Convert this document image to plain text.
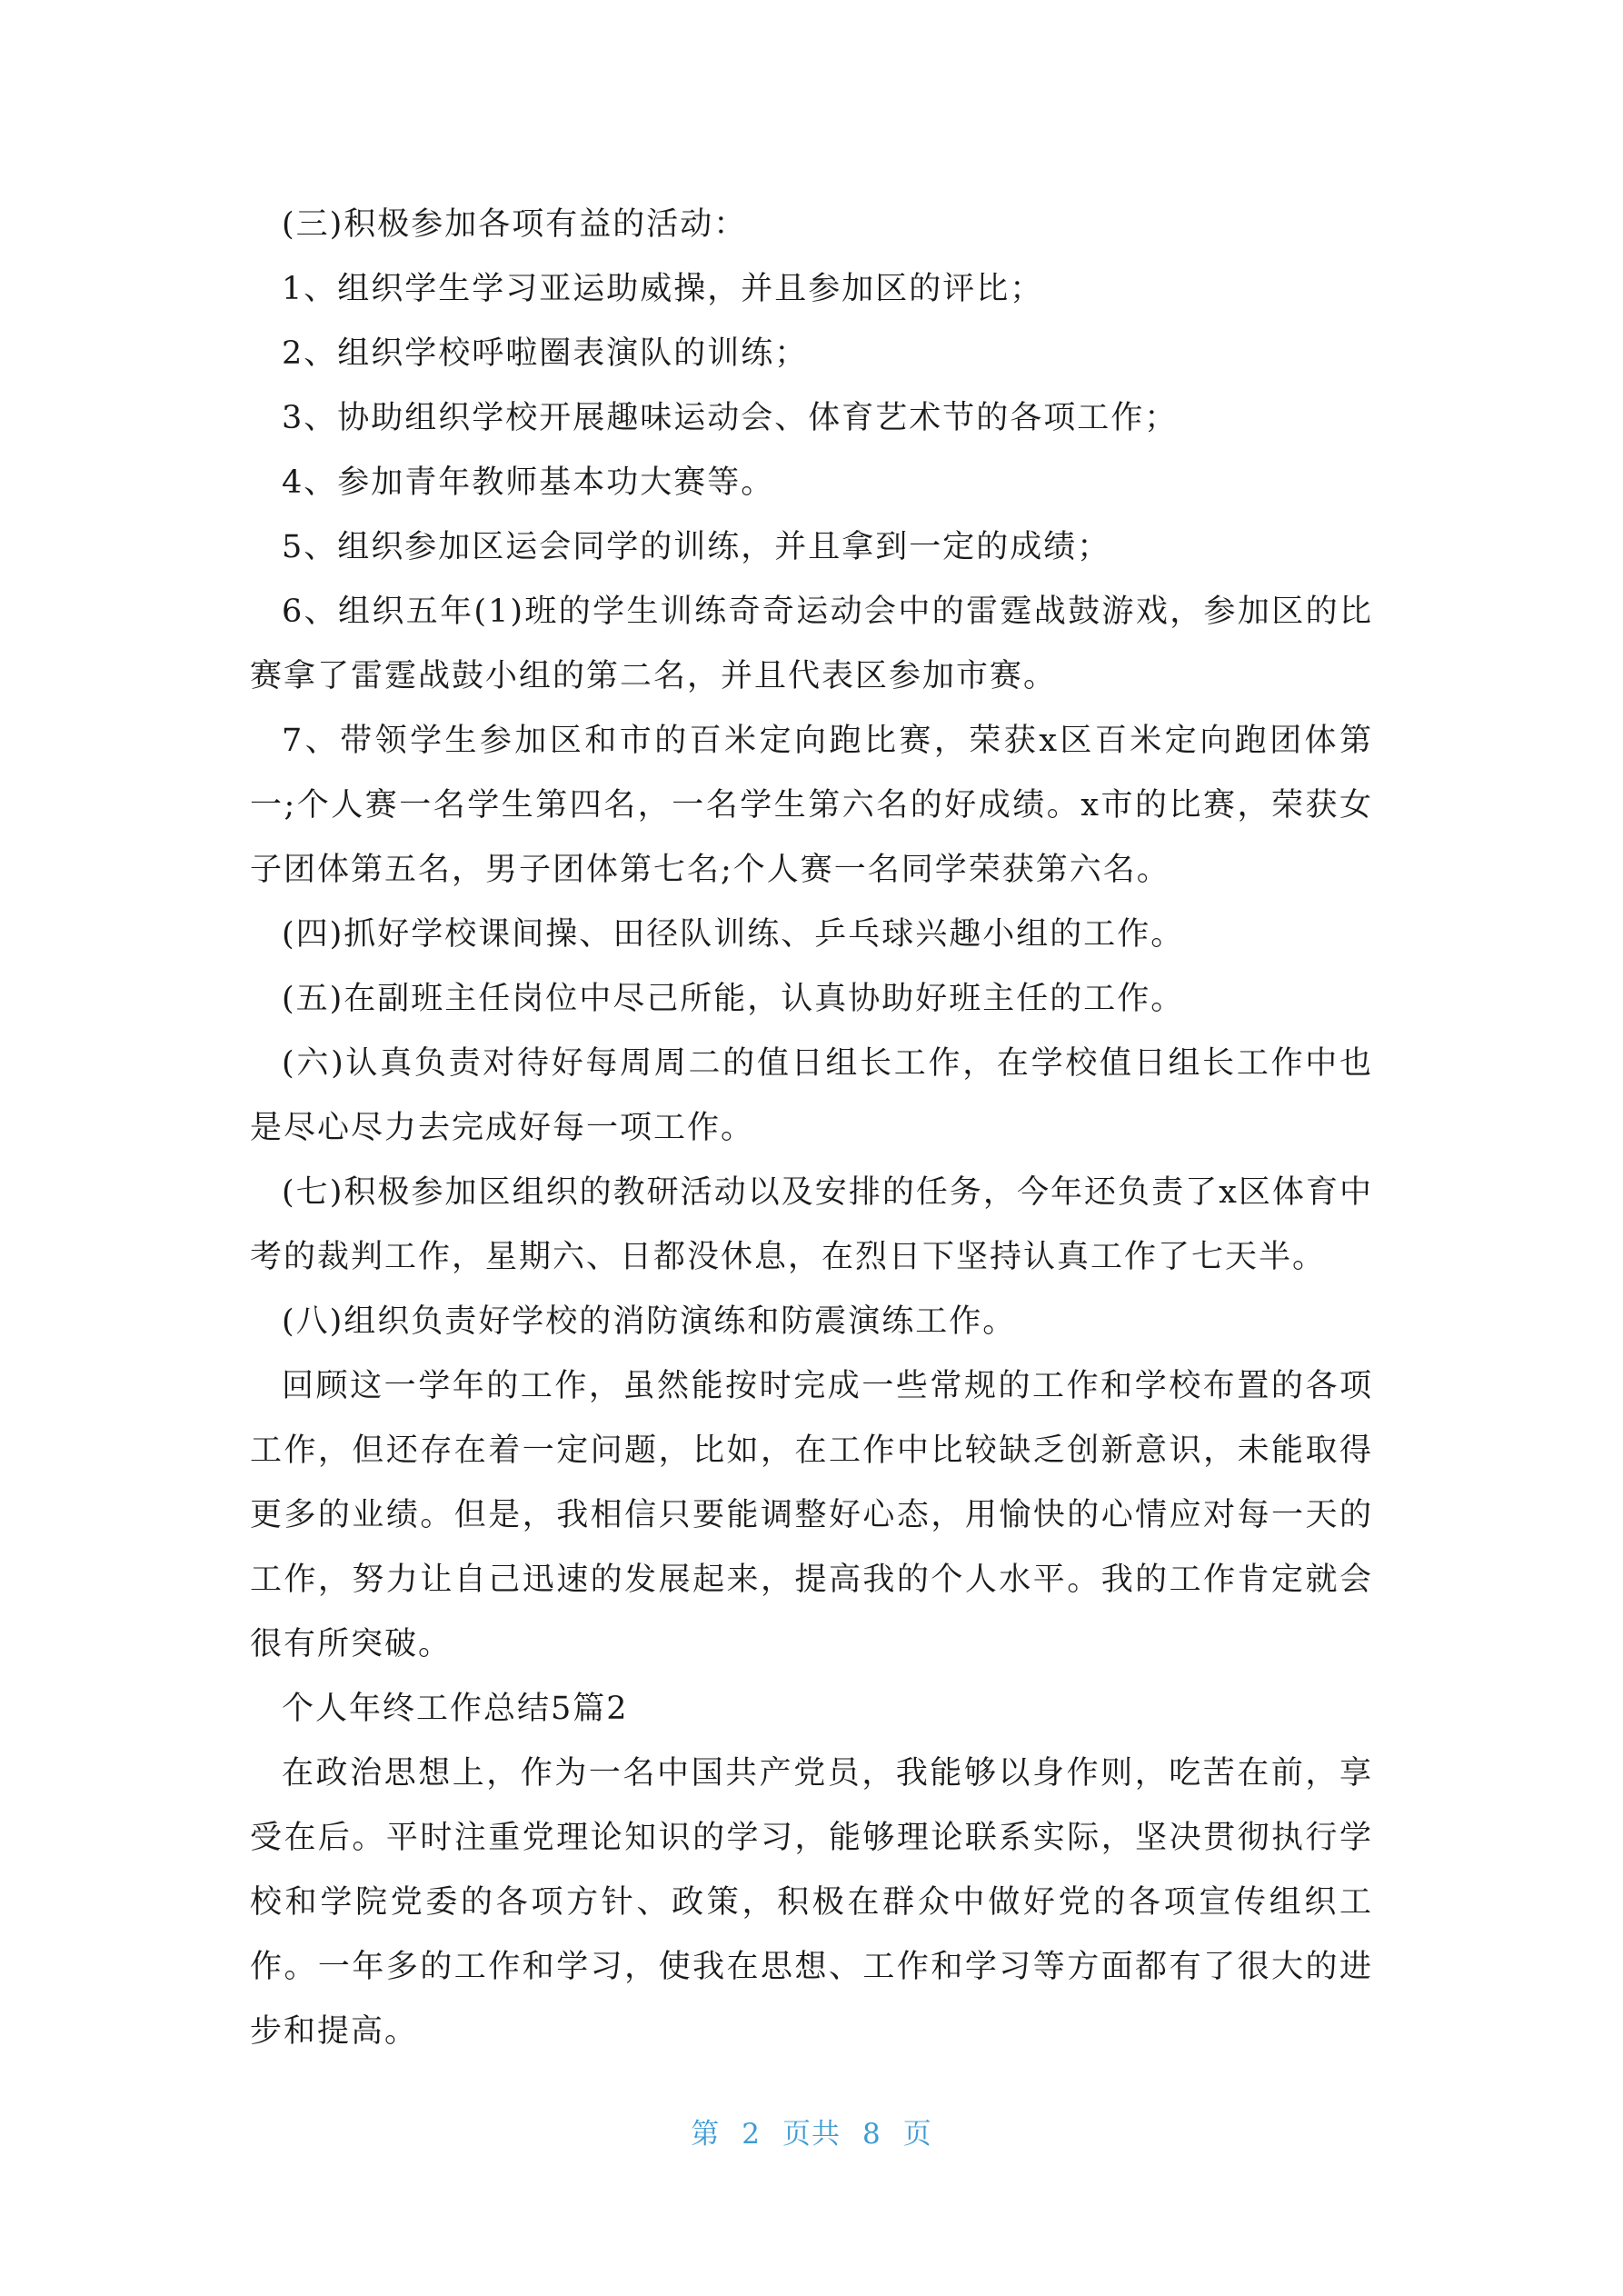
(三)积极参加各项有益的活动：

1、组织学生学习亚运助威操，并且参加区的评比；

2、组织学校呼啦圈表演队的训练；

3、协助组织学校开展趣味运动会、体育艺术节的各项工作；

4、参加青年教师基本功大赛等。

5、组织参加区运会同学的训练，并且拿到一定的成绩；

6、组织五年(1)班的学生训练奇奇运动会中的雷霆战鼓游戏，参加区的比赛拿了雷霆战鼓小组的第二名，并且代表区参加市赛。

7、带领学生参加区和市的百米定向跑比赛，荣获x区百米定向跑团体第一;个人赛一名学生第四名，一名学生第六名的好成绩。x市的比赛，荣获女子团体第五名，男子团体第七名;个人赛一名同学荣获第六名。

(四)抓好学校课间操、田径队训练、乒乓球兴趣小组的工作。

(五)在副班主任岗位中尽己所能，认真协助好班主任的工作。

(六)认真负责对待好每周周二的值日组长工作，在学校值日组长工作中也是尽心尽力去完成好每一项工作。

(七)积极参加区组织的教研活动以及安排的任务，今年还负责了x区体育中考的裁判工作，星期六、日都没休息，在烈日下坚持认真工作了七天半。

(八)组织负责好学校的消防演练和防震演练工作。

回顾这一学年的工作，虽然能按时完成一些常规的工作和学校布置的各项工作，但还存在着一定问题，比如，在工作中比较缺乏创新意识，未能取得更多的业绩。但是，我相信只要能调整好心态，用愉快的心情应对每一天的工作，努力让自己迅速的发展起来，提高我的个人水平。我的工作肯定就会很有所突破。

个人年终工作总结5篇2

在政治思想上，作为一名中国共产党员，我能够以身作则，吃苦在前，享受在后。平时注重党理论知识的学习，能够理论联系实际，坚决贯彻执行学校和学院党委的各项方针、政策，积极在群众中做好党的各项宣传组织工作。一年多的工作和学习，使我在思想、工作和学习等方面都有了很大的进步和提高。

第 2 页共 8 页
